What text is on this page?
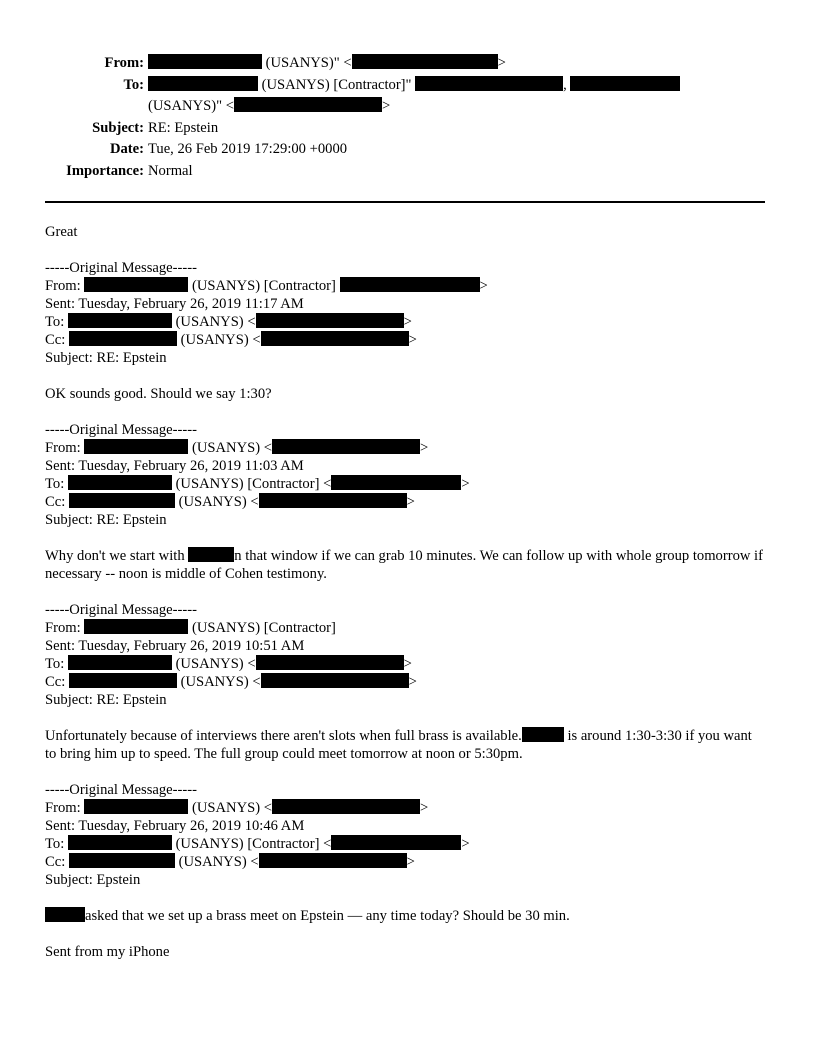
From:	(USANYS)" <	>
To:	(USANYS) [Contractor]"	,
(USANYS)" <	>
Subject: RE: Epstein
Date: Tue, 26 Feb 2019 17:29:00 +0000
Importance: Normal

Great

-----Original Message-----
From:	(USANYS) [Contractor]	>
Sent: Tuesday, February 26, 2019 11:17 AM
To:	(USANYS) <	>
Cc:	(USANYS) <	>
Subject: RE: Epstein

OK sounds good. Should we say 1:30?

-----Original Message-----
From:	(USANYS) <	>
Sent: Tuesday, February 26, 2019 11:03 AM
To:	(USANYS) [Contractor] <	>
Cc:	(USANYS) <	>
Subject: RE: Epstein

Why don't we start with	n that window if we can grab 10 minutes. We can follow up with whole group tomorrow if necessary -- noon is middle of Cohen testimony.

-----Original Message-----
From:	(USANYS) [Contractor]
Sent: Tuesday, February 26, 2019 10:51 AM
To:	(USANYS) <	>
Cc:	(USANYS) <	>
Subject: RE: Epstein

Unfortunately because of interviews there aren't slots when full brass is available.	is around 1:30-3:30 if you want to bring him up to speed. The full group could meet tomorrow at noon or 5:30pm.

-----Original Message-----
From:	(USANYS) <	>
Sent: Tuesday, February 26, 2019 10:46 AM
To:	(USANYS) [Contractor] <	>
Cc:	(USANYS) <	>
Subject: Epstein

asked that we set up a brass meet on Epstein — any time today? Should be 30 min.

Sent from my iPhone
